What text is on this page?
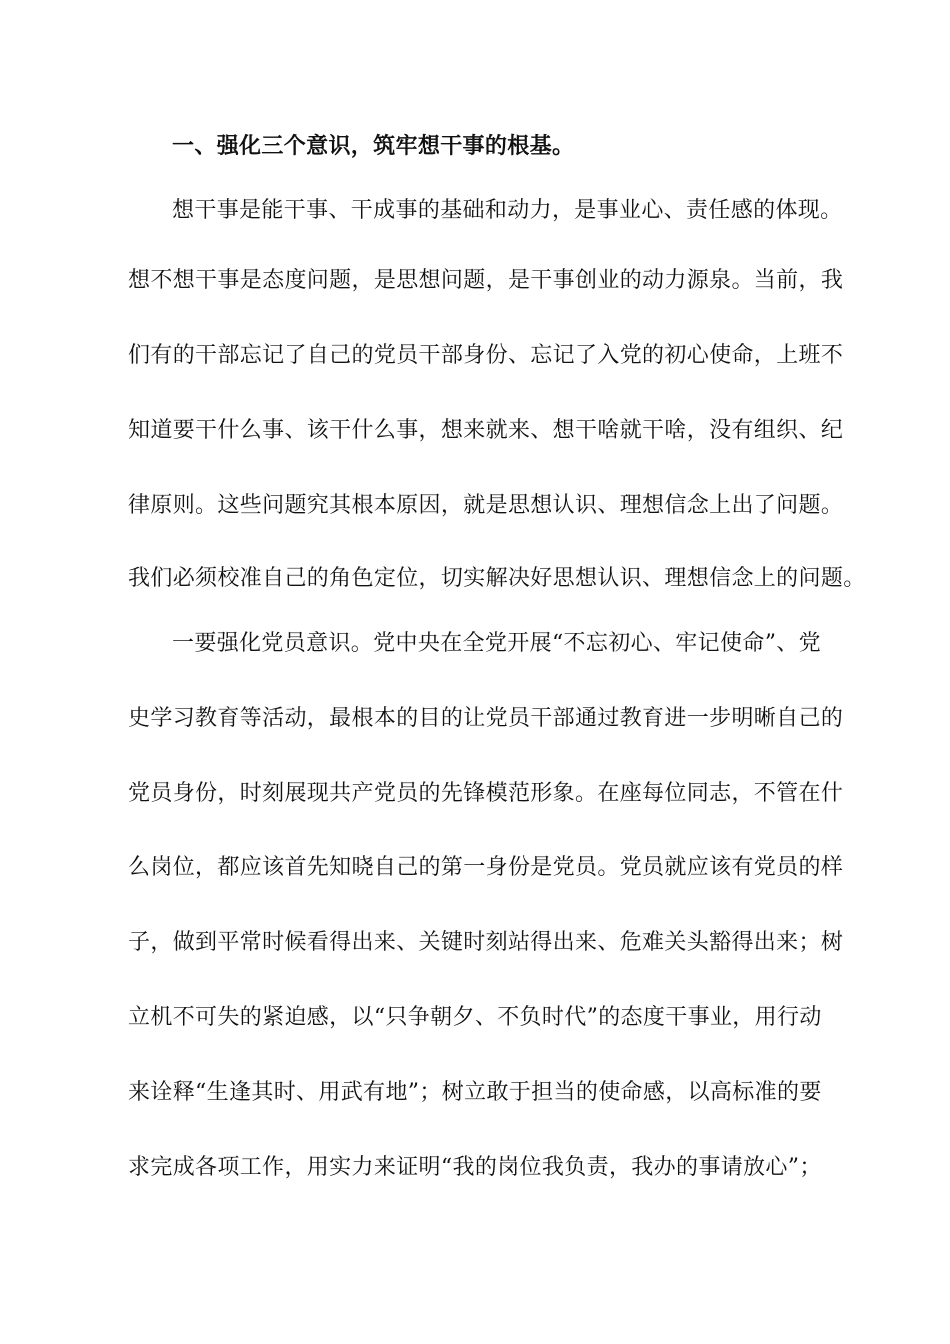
一、强化三个意识，筑牢想干事的根基。
想干事是能干事、干成事的基础和动力，是事业心、责任感的体现。
想不想干事是态度问题，是思想问题，是干事创业的动力源泉。当前，我
们有的干部忘记了自己的党员干部身份、忘记了入党的初心使命，上班不
知道要干什么事、该干什么事，想来就来、想干啥就干啥，没有组织、纪
律原则。这些问题究其根本原因，就是思想认识、理想信念上出了问题。
我们必须校准自己的角色定位，切实解决好思想认识、理想信念上的问题。
一要强化党员意识。党中央在全党开展“不忘初心、牢记使命”、党
史学习教育等活动，最根本的目的让党员干部通过教育进一步明晰自己的
党员身份，时刻展现共产党员的先锋模范形象。在座每位同志，不管在什
么岗位，都应该首先知晓自己的第一身份是党员。党员就应该有党员的样
子，做到平常时候看得出来、关键时刻站得出来、危难关头豁得出来；树
立机不可失的紧迫感，以“只争朝夕、不负时代”的态度干事业，用行动
来诠释“生逢其时、用武有地”；树立敢于担当的使命感，以高标准的要
求完成各项工作，用实力来证明“我的岗位我负责，我办的事请放心”；
